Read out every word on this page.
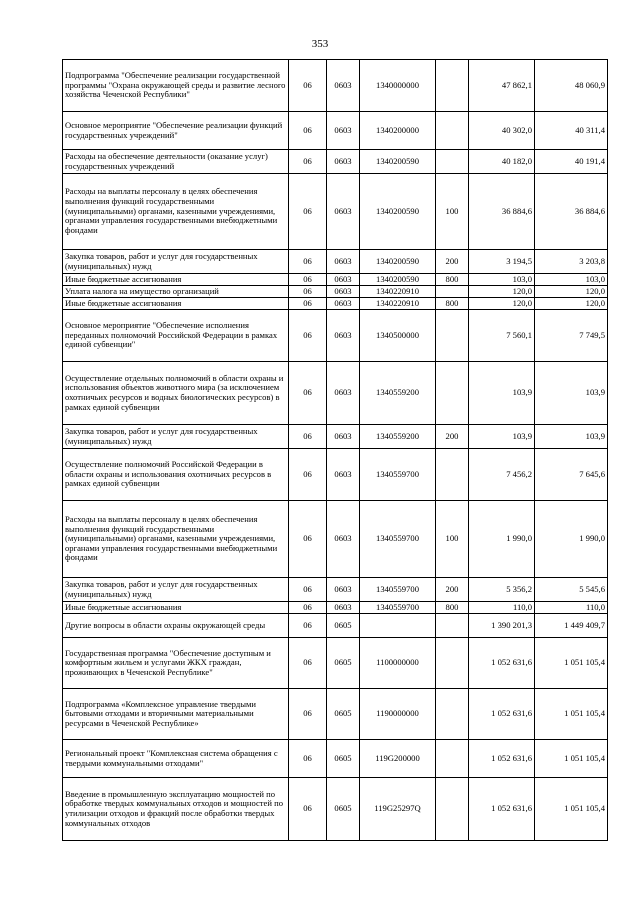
353
Подпрограмма "Обеспечение реализации государственной программы "Охрана окружающей среды и развитие лесного хозяйства Чеченской Республики"	06	0603	1340000000		47 862,1	48 060,9
Основное мероприятие "Обеспечение реализации функций государственных учреждений"	06	0603	1340200000		40 302,0	40 311,4
Расходы на обеспечение деятельности (оказание услуг) государственных учреждений	06	0603	1340200590		40 182,0	40 191,4
Расходы на выплаты персоналу в целях обеспечения выполнения функций государственными (муниципальными) органами, казенными учреждениями, органами управления государственными внебюджетными фондами	06	0603	1340200590	100	36 884,6	36 884,6
Закупка товаров, работ и услуг для государственных (муниципальных) нужд	06	0603	1340200590	200	3 194,5	3 203,8
Иные бюджетные ассигнования	06	0603	1340200590	800	103,0	103,0
Уплата налога на имущество организаций	06	0603	1340220910		120,0	120,0
Иные бюджетные ассигнования	06	0603	1340220910	800	120,0	120,0
Основное мероприятие "Обеспечение исполнения переданных полномочий Российской Федерации в рамках единой субвенции"	06	0603	1340500000		7 560,1	7 749,5
Осуществление отдельных полномочий в области охраны и использования объектов животного мира (за исключением охотничьих ресурсов и водных биологических ресурсов) в рамках единой субвенции	06	0603	1340559200		103,9	103,9
Закупка товаров, работ и услуг для государственных (муниципальных) нужд	06	0603	1340559200	200	103,9	103,9
Осуществление полномочий Российской Федерации в области охраны и использования охотничьих ресурсов в рамках единой субвенции	06	0603	1340559700		7 456,2	7 645,6
Расходы на выплаты персоналу в целях обеспечения выполнения функций государственными (муниципальными) органами, казенными учреждениями, органами управления государственными внебюджетными фондами	06	0603	1340559700	100	1 990,0	1 990,0
Закупка товаров, работ и услуг для государственных (муниципальных) нужд	06	0603	1340559700	200	5 356,2	5 545,6
Иные бюджетные ассигнования	06	0603	1340559700	800	110,0	110,0
Другие вопросы в области охраны окружающей среды	06	0605			1 390 201,3	1 449 409,7
Государственная программа "Обеспечение доступным и комфортным жильем и услугами ЖКХ граждан, проживающих в Чеченской Республике"	06	0605	1100000000		1 052 631,6	1 051 105,4
Подпрограмма «Комплексное управление твердыми бытовыми отходами и вторичными материальными ресурсами в Чеченской Республике»	06	0605	1190000000		1 052 631,6	1 051 105,4
Региональный проект "Комплексная система обращения с твердыми коммунальными отходами"	06	0605	119G200000		1 052 631,6	1 051 105,4
Введение в промышленную эксплуатацию мощностей по обработке твердых коммунальных отходов и мощностей по утилизации отходов и фракций после обработки твердых коммунальных отходов	06	0605	119G25297Q		1 052 631,6	1 051 105,4
